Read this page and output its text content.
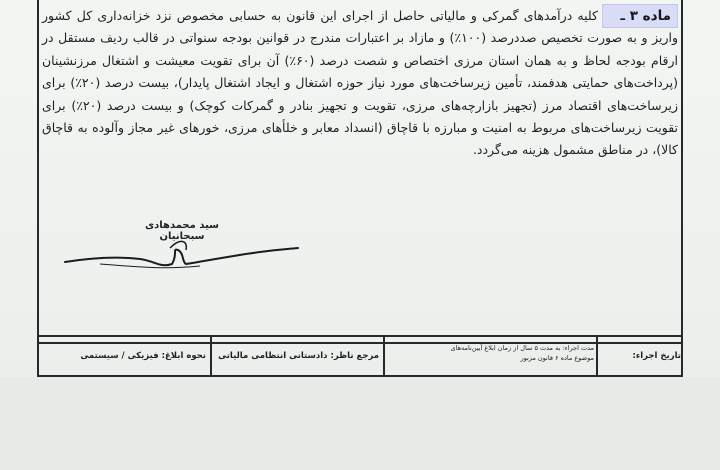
ماده ۳ ـ
کلیه درآمدهای گمرکی و مالیاتی حاصل از اجرای این قانون به حسابی مخصوص نزد خزانه‌داری کل کشور واریز و به صورت تخصیص صددرصد (۱۰۰٪) و مازاد بر اعتبارات مندرج در قوانین بودجه سنواتی در قالب ردیف مستقل در ارقام بودجه لحاظ و به همان استان مرزی اختصاص و شصت درصد (۶۰٪) آن برای تقویت معیشت و اشتغال مرزنشینان (پرداخت‌های حمایتی هدفمند، تأمین زیرساخت‌های مورد نیاز حوزه اشتغال و ایجاد اشتغال پایدار)، بیست درصد (۲۰٪) برای زیرساخت‌های اقتصاد مرز (تجهیز بازارچه‌های مرزی، تقویت و تجهیز بنادر و گمرکات کوچک) و بیست درصد (۲۰٪) برای تقویت زیرساخت‌های مربوط به امنیت و مبارزه با قاچاق (انسداد معابر و خلأهای مرزی، خورهای غیر مجاز وآلوده به قاچاق کالا)، در مناطق مشمول هزینه می‌گردد.
سید محمدهادی سبحانیان
تاریخ اجراء:
مدت اجراء: به مدت ۵ سال از زمان ابلاغ آیین‌نامه‌های
موضوع ماده ۶ قانون مزبور
مرجع ناظر: دادستانی انتظامی مالیاتی
نحوه ابلاغ: فیزیکی / سیستمی
